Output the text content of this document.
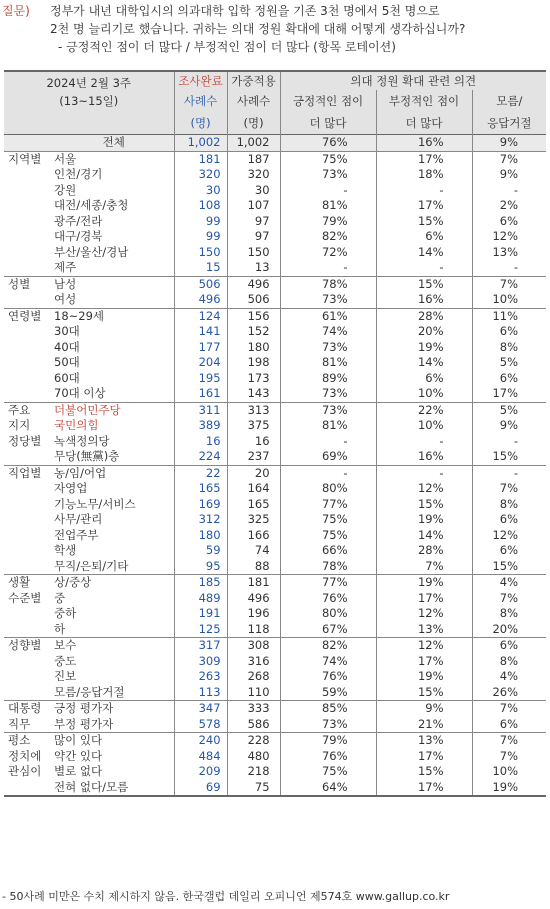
질문) 정부가 내년 대학입시의 의과대학 입학 정원을 기존 3천 명에서 5천 명으로
2천 명 늘리기로 했습니다. 귀하는 의대 정원 확대에 대해 어떻게 생각하십니까?
- 긍정적인 점이 더 많다 / 부정적인 점이 더 많다 (항목 로테이션)
2024년 2월 3주
(13~15일)		조사완료	가중적용	의대 정원 확대 관련 의견		
		사례수	사례수	긍정적인 점이	부정적인 점이	모름/
		(명)	(명)	더 많다	더 많다	응답거절
	전체	1,002	1,002	76%	16%	9%
지역별	서울	181	187	75%	17%	7%
	인천/경기	320	320	73%	18%	9%
	강원	30	30	-	-	-
	대전/세종/충청	108	107	81%	17%	2%
	광주/전라	99	97	79%	15%	6%
	대구/경북	99	97	82%	6%	12%
	부산/울산/경남	150	150	72%	14%	13%
	제주	15	13	-	-	-
성별	남성	506	496	78%	15%	7%
	여성	496	506	73%	16%	10%
연령별	18~29세	124	156	61%	28%	11%
	30대	141	152	74%	20%	6%
	40대	177	180	73%	19%	8%
	50대	204	198	81%	14%	5%
	60대	195	173	89%	6%	6%
	70대 이상	161	143	73%	10%	17%
주요	더불어민주당	311	313	73%	22%	5%
지지	국민의힘	389	375	81%	10%	9%
정당별	녹색정의당	16	16	-	-	-
	무당(無黨)층	224	237	69%	16%	15%
직업별	농/임/어업	22	20	-	-	-
	자영업	165	164	80%	12%	7%
	기능노무/서비스	169	165	77%	15%	8%
	사무/관리	312	325	75%	19%	6%
	전업주부	180	166	75%	14%	12%
	학생	59	74	66%	28%	6%
	무직/은퇴/기타	95	88	78%	7%	15%
생활	상/중상	185	181	77%	19%	4%
수준별	중	489	496	76%	17%	7%
	중하	191	196	80%	12%	8%
	하	125	118	67%	13%	20%
성향별	보수	317	308	82%	12%	6%
	중도	309	316	74%	17%	8%
	진보	263	268	76%	19%	4%
	모름/응답거절	113	110	59%	15%	26%
대통령	긍정 평가자	347	333	85%	9%	7%
직무	부정 평가자	578	586	73%	21%	6%
평소	많이 있다	240	228	79%	13%	7%
정치에	약간 있다	484	480	76%	17%	7%
관심이	별로 없다	209	218	75%	15%	10%
	전혀 없다/모름	69	75	64%	17%	19%
- 50사례 미만은 수치 제시하지 않음. 한국갤럽 데일리 오피니언 제574호 www.gallup.co.kr
